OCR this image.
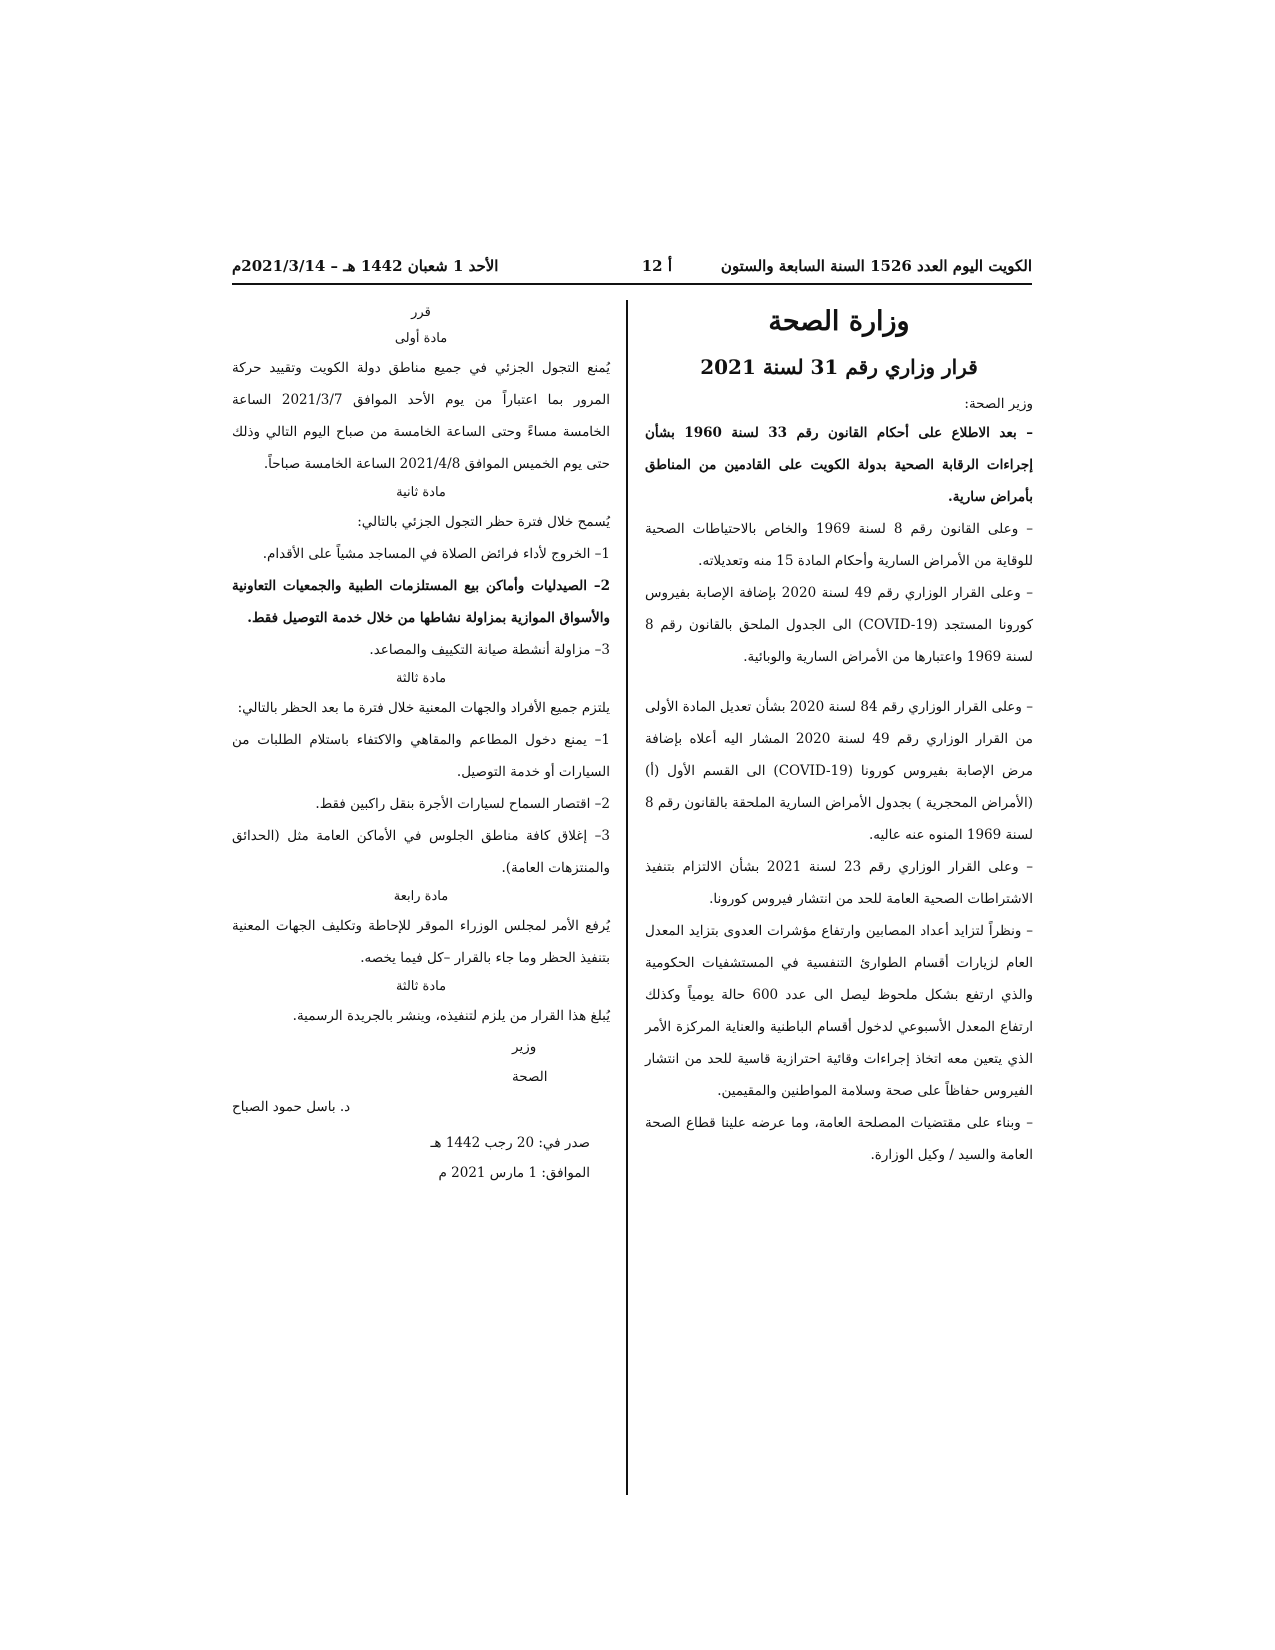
الكويت اليوم العدد 1526 السنة السابعة والستون
أ 12
الأحد 1 شعبان 1442 هـ – 2021/3/14م
وزارة الصحة
قرار وزاري رقم 31 لسنة 2021

وزير الصحة:

– بعد الاطلاع على أحكام القانون رقم 33 لسنة 1960 بشأن إجراءات الرقابة الصحية بدولة الكويت على القادمين من المناطق بأمراض سارية.

– وعلى القانون رقم 8 لسنة 1969 والخاص بالاحتياطات الصحية للوقاية من الأمراض السارية وأحكام المادة 15 منه وتعديلاته.

– وعلى القرار الوزاري رقم 49 لسنة 2020 بإضافة الإصابة بفيروس كورونا المستجد (COVID-19) الى الجدول الملحق بالقانون رقم 8 لسنة 1969 واعتبارها من الأمراض السارية والوبائية.

– وعلى القرار الوزاري رقم 84 لسنة 2020 بشأن تعديل المادة الأولى من القرار الوزاري رقم 49 لسنة 2020 المشار اليه أعلاه بإضافة مرض الإصابة بفيروس كورونا (COVID-19) الى القسم الأول (أ) (الأمراض المحجرية ) بجدول الأمراض السارية الملحقة بالقانون رقم 8 لسنة 1969 المنوه عنه عاليه.

– وعلى القرار الوزاري رقم 23 لسنة 2021 بشأن الالتزام بتنفيذ الاشتراطات الصحية العامة للحد من انتشار فيروس كورونا.

– ونظراً لتزايد أعداد المصابين وارتفاع مؤشرات العدوى بتزايد المعدل العام لزيارات أقسام الطوارئ التنفسية في المستشفيات الحكومية والذي ارتفع بشكل ملحوظ ليصل الى عدد 600 حالة يومياً وكذلك ارتفاع المعدل الأسبوعي لدخول أقسام الباطنية والعناية المركزة الأمر الذي يتعين معه اتخاذ إجراءات وقائية احترازية قاسية للحد من انتشار الفيروس حفاظاً على صحة وسلامة المواطنين والمقيمين.

– وبناء على مقتضيات المصلحة العامة، وما عرضه علينا قطاع الصحة العامة والسيد / وكيل الوزارة.

قرر

مادة أولى

يُمنع التجول الجزئي في جميع مناطق دولة الكويت وتقييد حركة المرور بما اعتباراً من يوم الأحد الموافق 2021/3/7 الساعة الخامسة مساءً وحتى الساعة الخامسة من صباح اليوم التالي وذلك حتى يوم الخميس الموافق 2021/4/8 الساعة الخامسة صباحاً.

مادة ثانية

يُسمح خلال فترة حظر التجول الجزئي بالتالي:

1– الخروج لأداء فرائض الصلاة في المساجد مشياً على الأقدام.

2– الصيدليات وأماكن بيع المستلزمات الطبية والجمعيات التعاونية والأسواق الموازية بمزاولة نشاطها من خلال خدمة التوصيل فقط.

3– مزاولة أنشطة صيانة التكييف والمصاعد.

مادة ثالثة

يلتزم جميع الأفراد والجهات المعنية خلال فترة ما بعد الحظر بالتالي:

1– يمنع دخول المطاعم والمقاهي والاكتفاء باستلام الطلبات من السيارات أو خدمة التوصيل.

2– اقتصار السماح لسيارات الأجرة بنقل راكبين فقط.

3– إغلاق كافة مناطق الجلوس في الأماكن العامة مثل (الحدائق والمنتزهات العامة).

مادة رابعة

يُرفع الأمر لمجلس الوزراء الموقر للإحاطة وتكليف الجهات المعنية بتنفيذ الحظر وما جاء بالقرار –كل فيما يخصه.

مادة ثالثة

يُبلغ هذا القرار من يلزم لتنفيذه، وينشر بالجريدة الرسمية.

وزير الصحة

د. باسل حمود الصباح

صدر في: 20 رجب 1442 هـ

الموافق: 1 مارس 2021 م
